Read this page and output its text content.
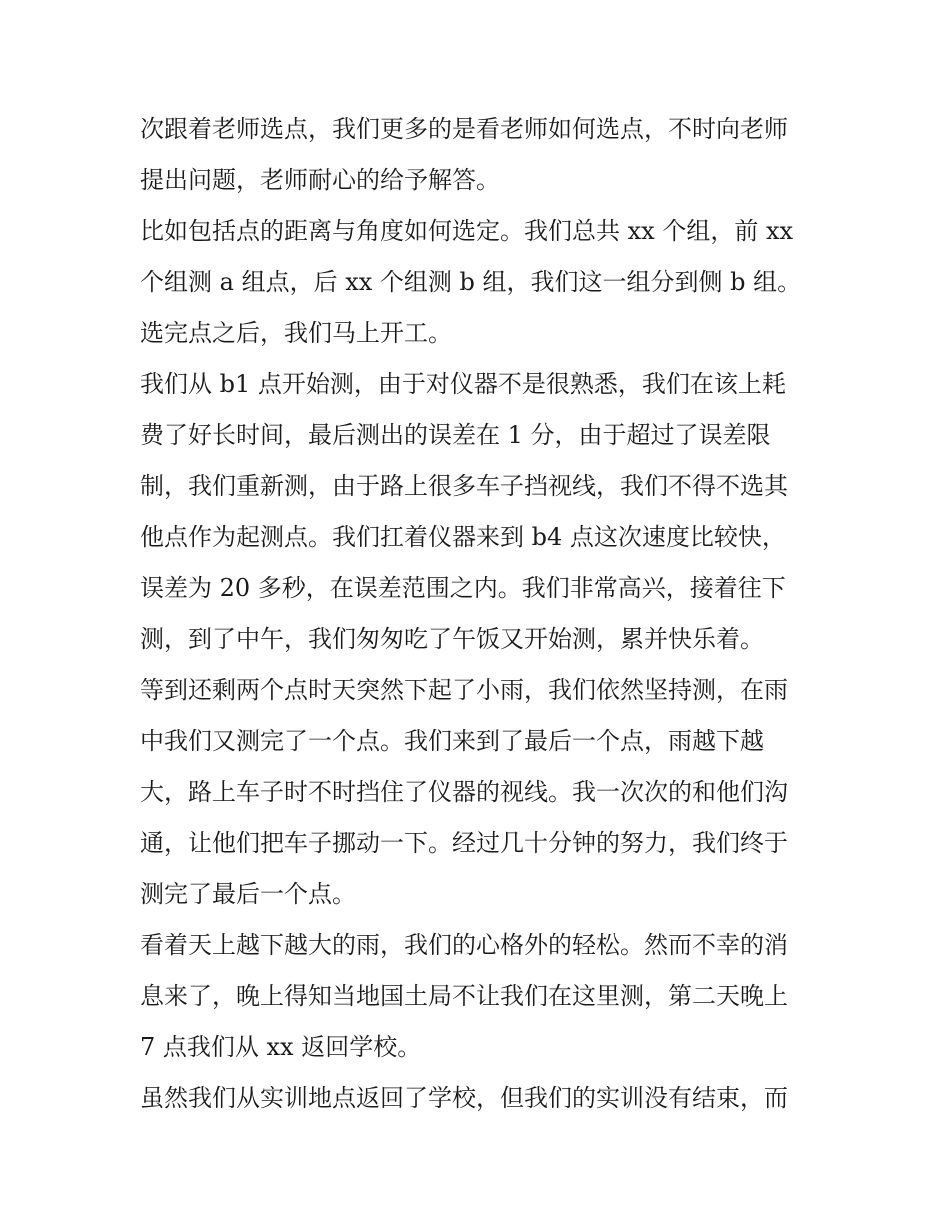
次跟着老师选点，我们更多的是看老师如何选点，不时向老师
提出问题，老师耐心的给予解答。
比如包括点的距离与角度如何选定。我们总共 xx 个组，前 xx
个组测 a 组点，后 xx 个组测 b 组，我们这一组分到侧 b 组。
选完点之后，我们马上开工。
我们从 b1 点开始测，由于对仪器不是很熟悉，我们在该上耗
费了好长时间，最后测出的误差在 1 分，由于超过了误差限
制，我们重新测，由于路上很多车子挡视线，我们不得不选其
他点作为起测点。我们扛着仪器来到 b4 点这次速度比较快，
误差为 20 多秒，在误差范围之内。我们非常高兴，接着往下
测，到了中午，我们匆匆吃了午饭又开始测，累并快乐着。
等到还剩两个点时天突然下起了小雨，我们依然坚持测，在雨
中我们又测完了一个点。我们来到了最后一个点，雨越下越
大，路上车子时不时挡住了仪器的视线。我一次次的和他们沟
通，让他们把车子挪动一下。经过几十分钟的努力，我们终于
测完了最后一个点。
看着天上越下越大的雨，我们的心格外的轻松。然而不幸的消
息来了，晚上得知当地国土局不让我们在这里测，第二天晚上
7 点我们从 xx 返回学校。
虽然我们从实训地点返回了学校，但我们的实训没有结束，而
